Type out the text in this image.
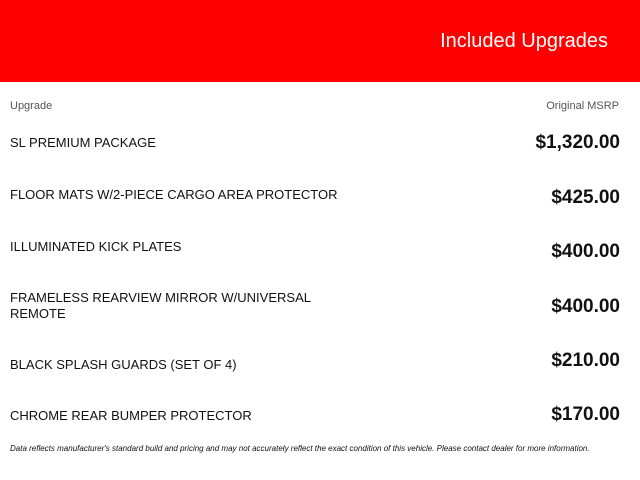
Included Upgrades
Upgrade	Original MSRP
SL PREMIUM PACKAGE	$1,320.00
FLOOR MATS W/2-PIECE CARGO AREA PROTECTOR	$425.00
ILLUMINATED KICK PLATES	$400.00
FRAMELESS REARVIEW MIRROR W/UNIVERSAL REMOTE	$400.00
BLACK SPLASH GUARDS (SET OF 4)	$210.00
CHROME REAR BUMPER PROTECTOR	$170.00
Data reflects manufacturer's standard build and pricing and may not accurately reflect the exact condition of this vehicle. Please contact dealer for more information.
